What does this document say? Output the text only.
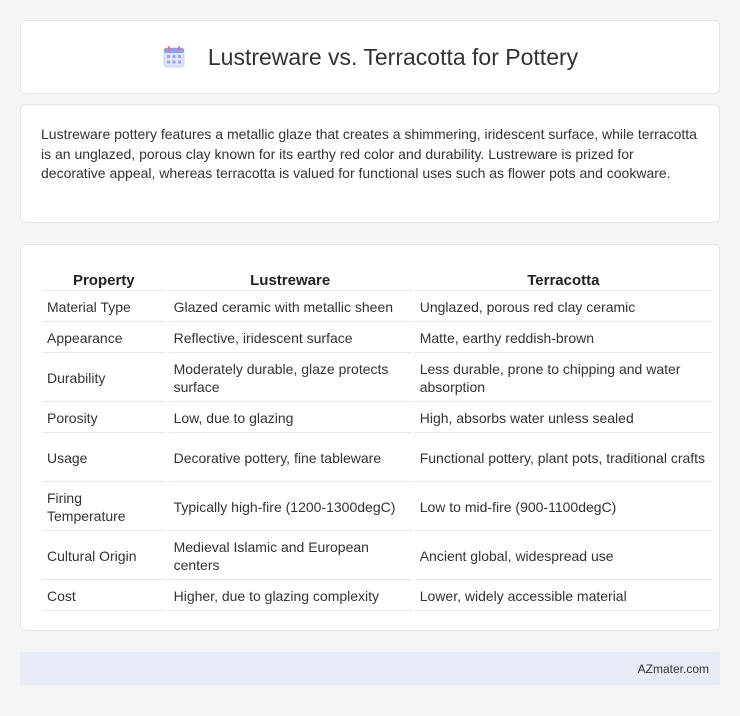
Lustreware vs. Terracotta for Pottery

Lustreware pottery features a metallic glaze that creates a shimmering, iridescent surface, while terracotta is an unglazed, porous clay known for its earthy red color and durability. Lustreware is prized for decorative appeal, whereas terracotta is valued for functional uses such as flower pots and cookware.

Property	Lustreware	Terracotta
Material Type	Glazed ceramic with metallic sheen	Unglazed, porous red clay ceramic
Appearance	Reflective, iridescent surface	Matte, earthy reddish-brown
Durability	Moderately durable, glaze protects surface	Less durable, prone to chipping and water absorption
Porosity	Low, due to glazing	High, absorbs water unless sealed
Usage	Decorative pottery, fine tableware	Functional pottery, plant pots, traditional crafts
Firing Temperature	Typically high-fire (1200-1300degC)	Low to mid-fire (900-1100degC)
Cultural Origin	Medieval Islamic and European centers	Ancient global, widespread use
Cost	Higher, due to glazing complexity	Lower, widely accessible material
AZmater.com
